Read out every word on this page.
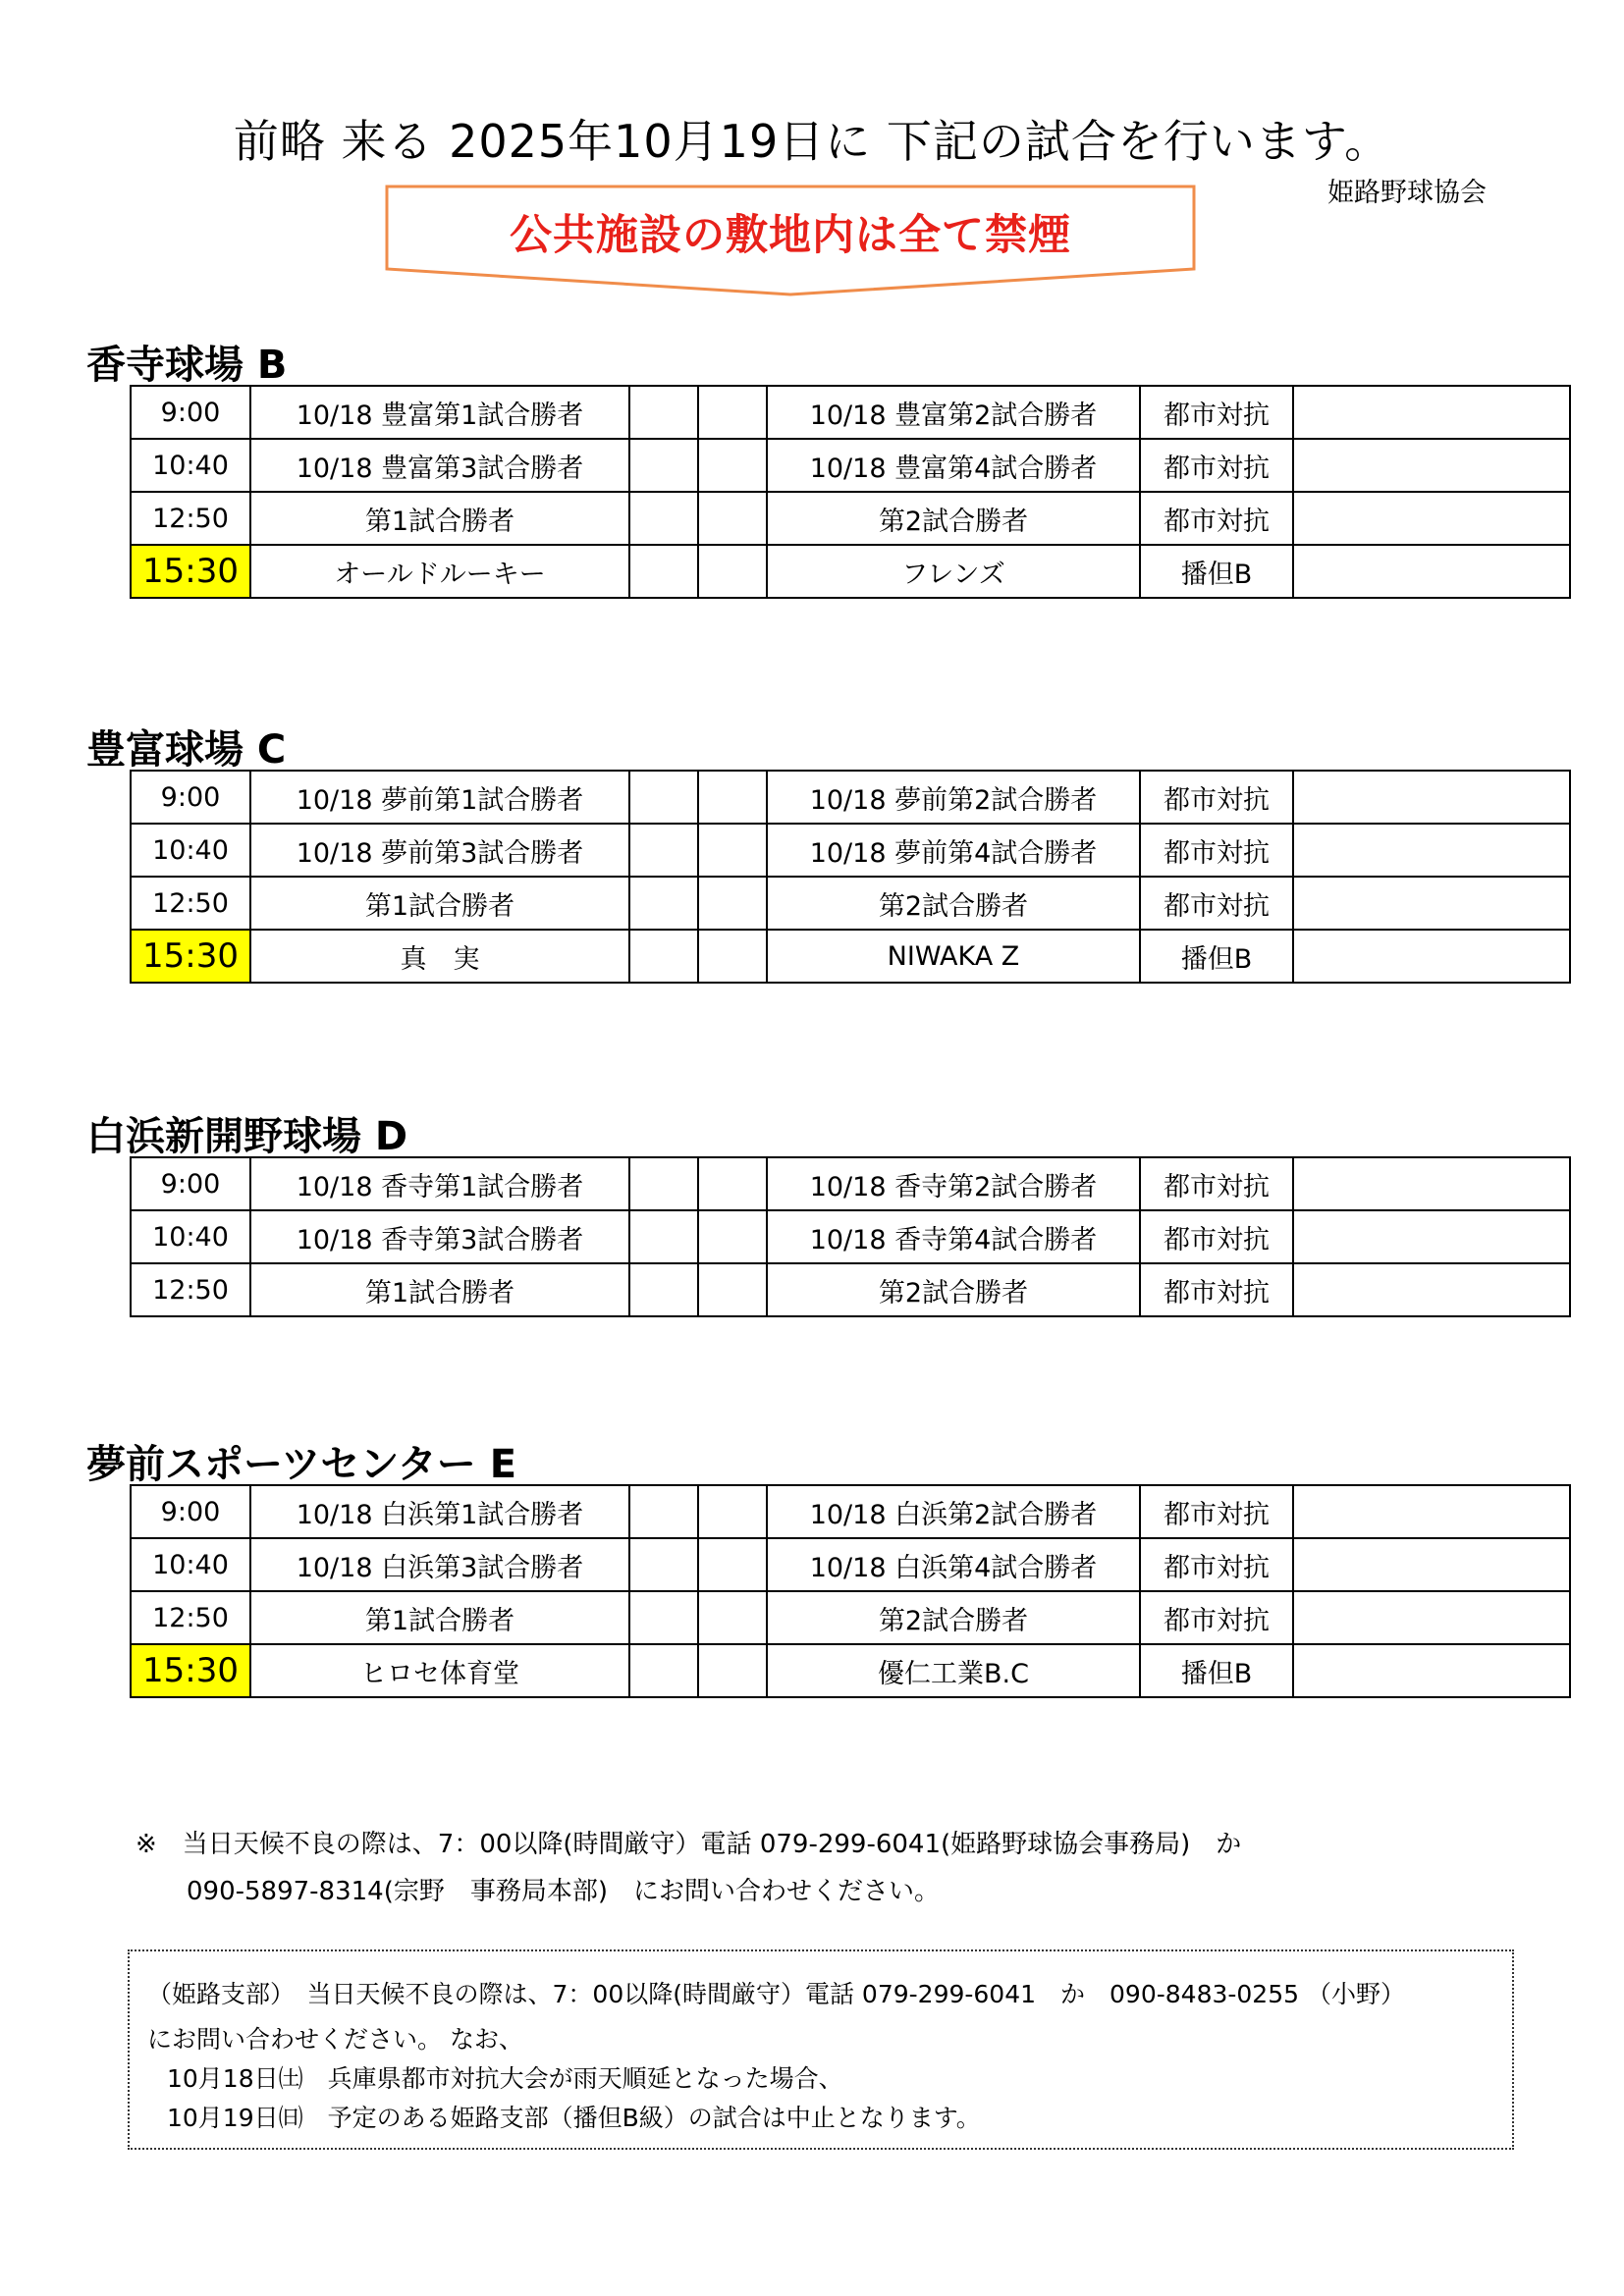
前略 来る 2025年10月19日に 下記の試合を行います。
姫路野球協会
公共施設の敷地内は全て禁煙
香寺球場 B
9:00	10/18 豊富第1試合勝者			10/18 豊富第2試合勝者	都市対抗	
10:40	10/18 豊富第3試合勝者			10/18 豊富第4試合勝者	都市対抗	
12:50	第1試合勝者			第2試合勝者	都市対抗	
15:30	オールドルーキー			フレンズ	播但B	
豊富球場 C
9:00	10/18 夢前第1試合勝者			10/18 夢前第2試合勝者	都市対抗	
10:40	10/18 夢前第3試合勝者			10/18 夢前第4試合勝者	都市対抗	
12:50	第1試合勝者			第2試合勝者	都市対抗	
15:30	真　実			NIWAKA Z	播但B	
白浜新開野球場 D
9:00	10/18 香寺第1試合勝者			10/18 香寺第2試合勝者	都市対抗	
10:40	10/18 香寺第3試合勝者			10/18 香寺第4試合勝者	都市対抗	
12:50	第1試合勝者			第2試合勝者	都市対抗	
夢前スポーツセンター E
9:00	10/18 白浜第1試合勝者			10/18 白浜第2試合勝者	都市対抗	
10:40	10/18 白浜第3試合勝者			10/18 白浜第4試合勝者	都市対抗	
12:50	第1試合勝者			第2試合勝者	都市対抗	
15:30	ヒロセ体育堂			優仁工業B.C	播但B	
※　当日天候不良の際は、7：00以降(時間厳守）電話 079-299-6041(姫路野球協会事務局)　か
　　090-5897-8314(宗野　事務局本部)　にお問い合わせください。
（姫路支部）　当日天候不良の際は、7：00以降(時間厳守）電話 079-299-6041　か　090-8483-0255 （小野）
にお問い合わせください。 なお、
10月18日㈯　兵庫県都市対抗大会が雨天順延となった場合、
10月19日㈰　予定のある姫路支部（播但B級）の試合は中止となります。
